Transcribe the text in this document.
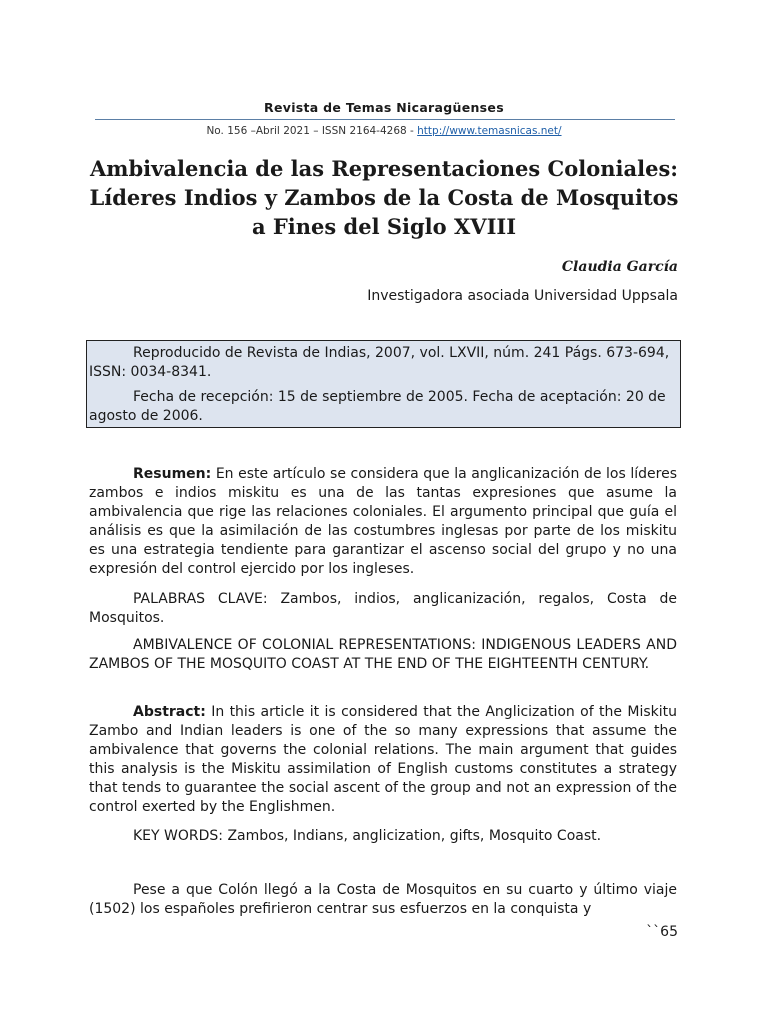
Revista de Temas Nicaragüenses
No. 156 –Abril 2021 – ISSN 2164-4268 - http://www.temasnicas.net/
Ambivalencia de las Representaciones Coloniales:
Líderes Indios y Zambos de la Costa de Mosquitos
a Fines del Siglo XVIII
Claudia García
Investigadora asociada Universidad Uppsala

Reproducido de Revista de Indias, 2007, vol. LXVII, núm. 241 Págs. 673-694, ISSN: 0034-8341.

Fecha de recepción: 15 de septiembre de 2005. Fecha de aceptación: 20 de agosto de 2006.

Resumen: En este artículo se considera que la anglicanización de los líderes zambos e indios miskitu es una de las tantas expresiones que asume la ambivalencia que rige las relaciones coloniales. El argumento principal que guía el análisis es que la asimilación de las costumbres inglesas por parte de los miskitu es una estrategia tendiente para garantizar el ascenso social del grupo y no una expresión del control ejercido por los ingleses.

PALABRAS CLAVE: Zambos, indios, anglicanización, regalos, Costa de Mosquitos.

AMBIVALENCE OF COLONIAL REPRESENTATIONS: INDIGENOUS LEADERS AND ZAMBOS OF THE MOSQUITO COAST AT THE END OF THE EIGHTEENTH CENTURY.

Abstract: In this article it is considered that the Anglicization of the Miskitu Zambo and Indian leaders is one of the so many expressions that assume the ambivalence that governs the colonial relations. The main argument that guides this analysis is the Miskitu assimilation of English customs constitutes a strategy that tends to guarantee the social ascent of the group and not an expression of the control exerted by the Englishmen.

KEY WORDS: Zambos, Indians, anglicization, gifts, Mosquito Coast.

Pese a que Colón llegó a la Costa de Mosquitos en su cuarto y último viaje (1502) los españoles prefirieron centrar sus esfuerzos en la conquista y

``65
